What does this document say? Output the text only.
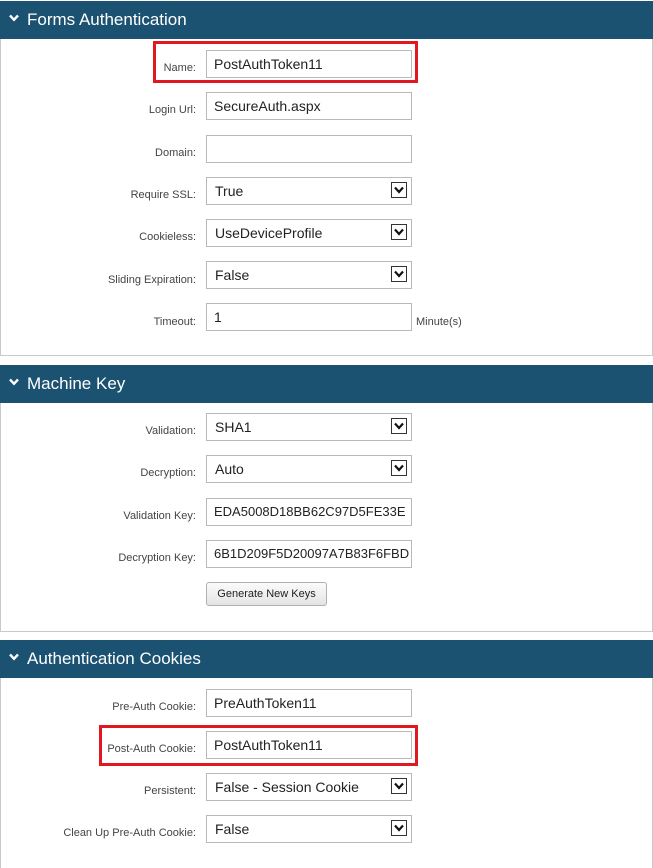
Forms Authentication
Name:	PostAuthToken11
Login Url:	SecureAuth.aspx
Domain:
Require SSL:	True
Cookieless:	UseDeviceProfile
Sliding Expiration:	False
Timeout:	1	Minute(s)
Machine Key
Validation:	SHA1
Decryption:	Auto
Validation Key:	EDA5008D18BB62C97D5FE33E
Decryption Key:	6B1D209F5D20097A7B83F6FBD
Generate New Keys
Authentication Cookies
Pre-Auth Cookie:	PreAuthToken11
Post-Auth Cookie:	PostAuthToken11
Persistent:	False - Session Cookie
Clean Up Pre-Auth Cookie:	False
